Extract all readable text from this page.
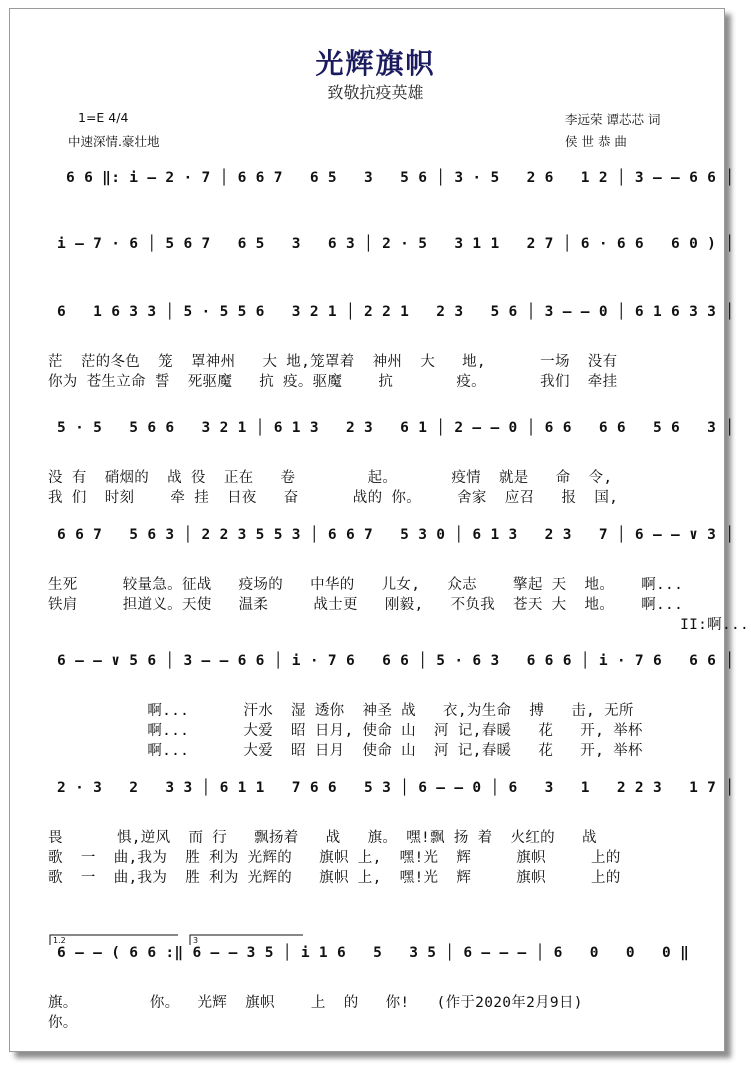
光辉旗帜
致敬抗疫英雄
1=E 4/4
中速深情.豪壮地
李远荣 谭芯芯 词
侯 世 恭 曲
6 6 ‖: i — 2 · 7 │ 6 6 7   6 5   3   5 6 │ 3 · 5   2 6   1 2 │ 3 — — 6 6 │
i — 7 · 6 │ 5 6 7   6 5   3   6 3 │ 2 · 5   3 1 1   2 7 │ 6 · 6 6   6 0 ) │
6   1 6 3 3 │ 5 · 5 5 6   3 2 1 │ 2 2 1   2 3   5 6 │ 3 — — 0 │ 6 1 6 3 3 │
茫  茫的冬色  笼  罩神州   大 地,笼罩着  神州  大   地,      一场  没有
你为 苍生立命 誓  死驱魔   抗 疫。驱魔    抗       疫。      我们  牵挂
5 · 5   5 6 6   3 2 1 │ 6 1 3   2 3   6 1 │ 2 — — 0 │ 6 6   6 6   5 6   3 │
没 有  硝烟的  战 役  正在   卷        起。      疫情  就是   命  令,
我 们  时刻    牵 挂  日夜   奋      战的 你。    舍家  应召   报  国,
6 6 7   5 6 3 │ 2 2 3 5 5 3 │ 6 6 7   5 3 0 │ 6 1 3   2 3   7 │ 6 — — ∨ 3 │
生死     较量急。征战   疫场的   中华的   儿女,   众志    擎起 天  地。   啊...
铁肩     担道义。天使   温柔     战士更   刚毅,   不负我  苍天 大  地。   啊...
II:啊...
6 — — ∨ 5 6 │ 3 — — 6 6 │ i · 7 6   6 6 │ 5 · 6 3   6 6 6 │ i · 7 6   6 6 │
啊...      汗水  湿 透你  神圣 战   衣,为生命  搏   击, 无所
啊...      大爱  昭 日月, 使命 山  河 记,春暖   花   开, 举杯
啊...      大爱  昭 日月  使命 山  河 记,春暖   花   开, 举杯
2 · 3   2   3 3 │ 6 1 1   7 6 6   5 3 │ 6 — — 0 │ 6   3   1   2 2 3   1 7 │
畏      惧,逆风  而 行   飘扬着   战   旗。 嘿!飘 扬 着  火红的   战
歌  一  曲,我为  胜 利为 光辉的   旗帜 上,  嘿!光  辉     旗帜     上的
歌  一  曲,我为  胜 利为 光辉的   旗帜 上,  嘿!光  辉     旗帜     上的
6 — — ( 6 6 :‖ 6 — — 3 5 │ i 1 6   5   3 5 │ 6 — — — │ 6   0   0   0 ‖
1.2	3
旗。        你。  光辉  旗帜    上  的   你!   (作于2020年2月9日)
你。
